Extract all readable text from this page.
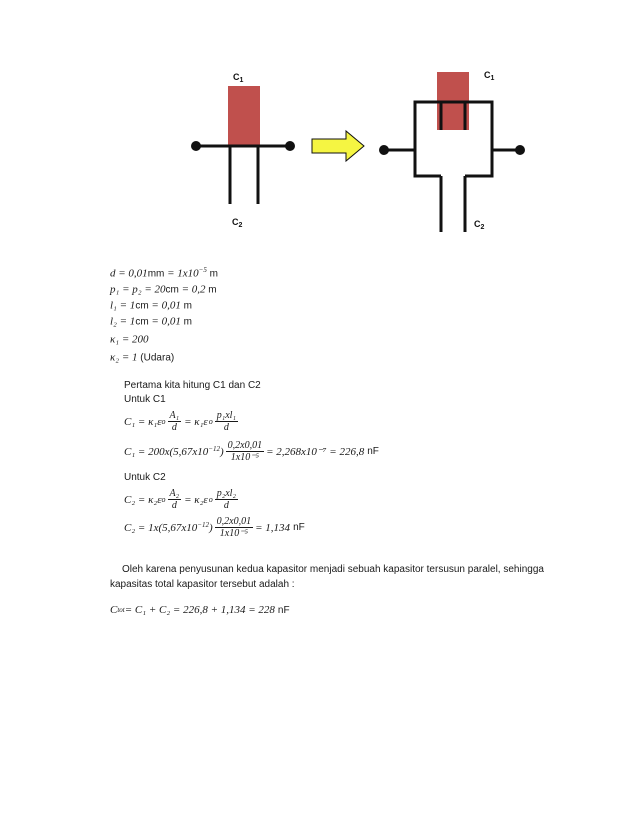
$C_1$
$C_2$
$C_1$
$C_2$
$d = 0,01mm = 1x10^{-5}$ m
p₁ = p₂ = 20cm = 0,2 m
l₁ = 1cm = 0,01 m
l₂ = 1cm = 0,01 m
κ₁ = 200
κ₂ = 1 (Udara)
Pertama kita hitung C1 dan C2
Untuk C1
C₁ = κ₁ε o $\frac{\text{A₁}}{d} = \kappa_1\varepsilon$ o $\frac{\text{p₁xl₁}}{d}$
$C_1 = 200x(5,67x10^{-12}$ ) $\frac{0,2x0,01}{\text{1x10⁻⁵}} = 2,268x10^{-7} = 226,8$ nF
Untuk C2
C₂ = κ₂ε o $\frac{\text{A₂}}{d} = \kappa_2\varepsilon$ o $\frac{\text{p₂xl₂}}{d}$
$C_2 = 1x(5,67x10^{-12}$ ) $\frac{0,2x0,01}{\text{1x10⁻⁵}} = 1,134$ nF
Oleh karena penyusunan kedua kapasitor menjadi sebuah kapasitor tersusun paralel, sehingga kapasitas total kapasitor tersebut adalah :
C tot = C₁ + C₂ = 226,8 + 1,134 = 228 nF
